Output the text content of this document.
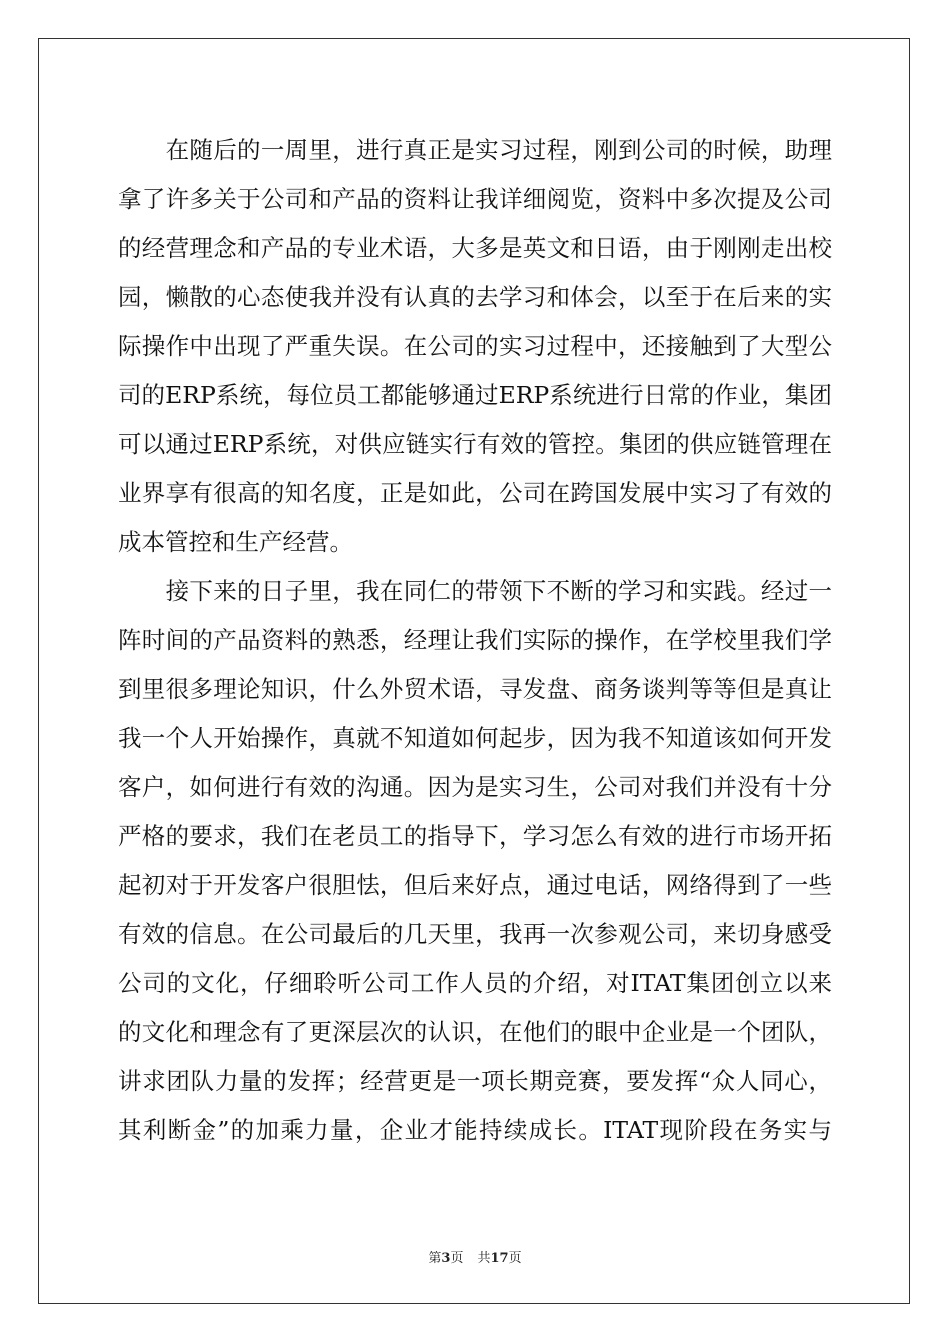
　　在随后的一周里，进行真正是实习过程，刚到公司的时候，助理
拿了许多关于公司和产品的资料让我详细阅览，资料中多次提及公司
的经营理念和产品的专业术语，大多是英文和日语，由于刚刚走出校
园，懒散的心态使我并没有认真的去学习和体会，以至于在后来的实
际操作中出现了严重失误。在公司的实习过程中，还接触到了大型公
司的ERP系统，每位员工都能够通过ERP系统进行日常的作业，集团
可以通过ERP系统，对供应链实行有效的管控。集团的供应链管理在
业界享有很高的知名度，正是如此，公司在跨国发展中实习了有效的
成本管控和生产经营。
　　接下来的日子里，我在同仁的带领下不断的学习和实践。经过一
阵时间的产品资料的熟悉，经理让我们实际的操作，在学校里我们学
到里很多理论知识，什么外贸术语，寻发盘、商务谈判等等但是真让
我一个人开始操作，真就不知道如何起步，因为我不知道该如何开发
客户，如何进行有效的沟通。因为是实习生，公司对我们并没有十分
严格的要求，我们在老员工的指导下，学习怎么有效的进行市场开拓
起初对于开发客户很胆怯，但后来好点，通过电话，网络得到了一些
有效的信息。在公司最后的几天里，我再一次参观公司，来切身感受
公司的文化，仔细聆听公司工作人员的介绍，对ITAT集团创立以来
的文化和理念有了更深层次的认识，在他们的眼中企业是一个团队，
讲求团队力量的发挥；经营更是一项长期竞赛，要发挥“众人同心，
其利断金”的加乘力量，企业才能持续成长。ITAT现阶段在务实与
第3页 共17页
